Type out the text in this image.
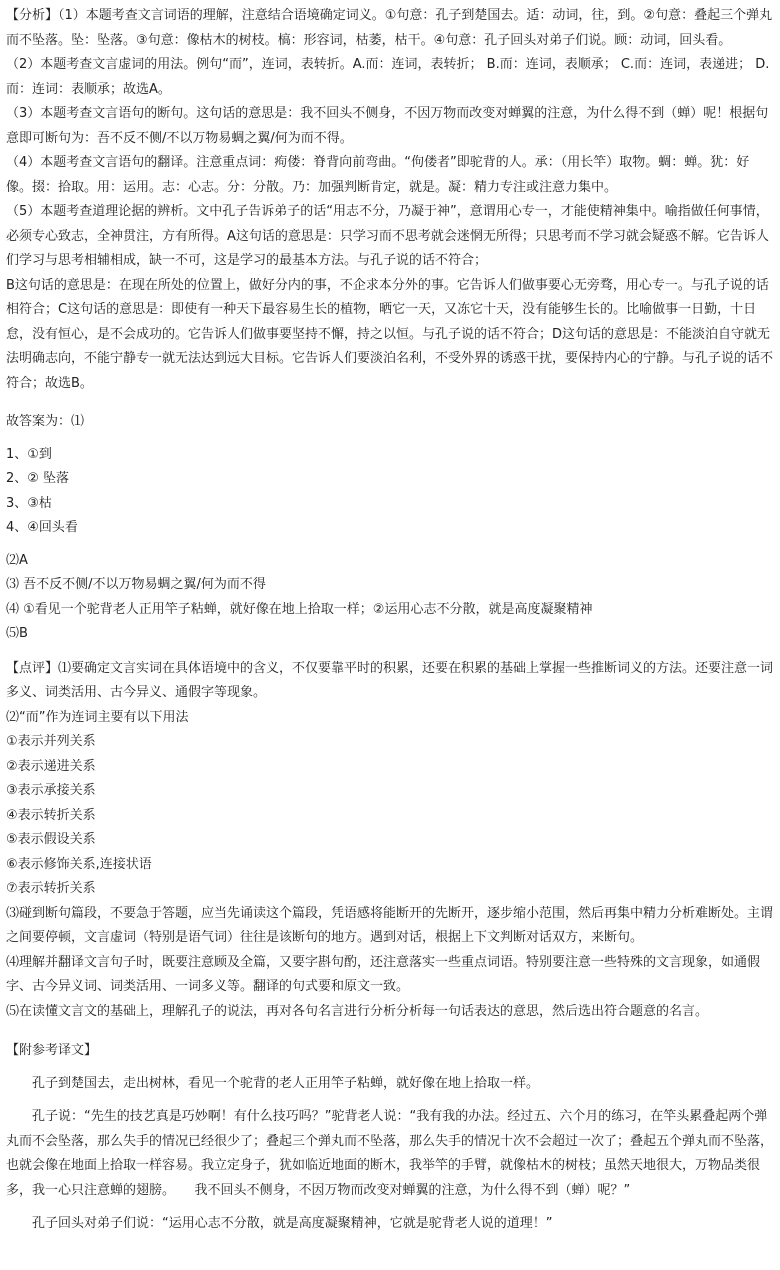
【分析】（1）本题考查文言词语的理解，注意结合语境确定词义。①句意：孔子到楚国去。适：动词，往，到。②句意：叠起三个弹丸而不坠落。坠：坠落。③句意：像枯木的树枝。槁：形容词，枯萎，枯干。④句意：孔子回头对弟子们说。顾：动词，回头看。

（2）本题考查文言虚词的用法。例句“而”，连词，表转折。A.而：连词，表转折； B.而：连词，表顺承； C.而：连词，表递进； D.而：连词：表顺承；故选A。

（3）本题考查文言语句的断句。这句话的意思是：我不回头不侧身，不因万物而改变对蝉翼的注意，为什么得不到（蝉）呢！根据句意即可断句为：吾不反不侧/不以万物易蜩之翼/何为而不得。

（4）本题考查文言语句的翻译。注意重点词：痀偻：脊背向前弯曲。“佝偻者”即驼背的人。承：（用长竿）取物。蜩：蝉。犹：好像。掇：拾取。用：运用。志：心志。分：分散。乃：加强判断肯定，就是。凝：精力专注或注意力集中。

（5）本题考查道理论据的辨析。文中孔子告诉弟子的话“用志不分，乃凝于神”，意谓用心专一，才能使精神集中。喻指做任何事情，必须专心致志，全神贯注，方有所得。A这句话的意思是：只学习而不思考就会迷惘无所得；只思考而不学习就会疑惑不解。它告诉人们学习与思考相辅相成，缺一不可，这是学习的最基本方法。与孔子说的话不符合；

B这句话的意思是：在现在所处的位置上，做好分内的事，不企求本分外的事。它告诉人们做事要心无旁骛，用心专一。与孔子说的话相符合；C这句话的意思是：即使有一种天下最容易生长的植物，晒它一天，又冻它十天，没有能够生长的。比喻做事一日勤，十日怠，没有恒心，是不会成功的。它告诉人们做事要坚持不懈，持之以恒。与孔子说的话不符合；D这句话的意思是：不能淡泊自守就无法明确志向，不能宁静专一就无法达到远大目标。它告诉人们要淡泊名利，不受外界的诱惑干扰，要保持内心的宁静。与孔子说的话不符合；故选B。

故答案为：⑴

1、①到

2、② 坠落

3、③枯

4、④回头看

⑵A

⑶ 吾不反不侧/不以万物易蜩之翼/何为而不得

⑷ ①看见一个驼背老人正用竿子粘蝉，就好像在地上拾取一样；②运用心志不分散，就是高度凝聚精神

⑸B

【点评】⑴要确定文言实词在具体语境中的含义，不仅要靠平时的积累，还要在积累的基础上掌握一些推断词义的方法。还要注意一词多义、词类活用、古今异义、通假字等现象。

⑵“而”作为连词主要有以下用法

①表示并列关系

②表示递进关系

③表示承接关系

④表示转折关系

⑤表示假设关系

⑥表示修饰关系,连接状语

⑦表示转折关系

⑶碰到断句篇段，不要急于答题，应当先诵读这个篇段，凭语感将能断开的先断开，逐步缩小范围，然后再集中精力分析难断处。主谓之间要停顿，文言虚词（特别是语气词）往往是该断句的地方。遇到对话，根据上下文判断对话双方，来断句。

⑷理解并翻译文言句子时，既要注意顾及全篇，又要字斟句酌，还注意落实一些重点词语。特别要注意一些特殊的文言现象，如通假字、古今异义词、词类活用、一词多义等。翻译的句式要和原文一致。

⑸在读懂文言文的基础上，理解孔子的说法，再对各句名言进行分析分析每一句话表达的意思，然后选出符合题意的名言。

【附参考译文】

孔子到楚国去，走出树林，看见一个驼背的老人正用竿子粘蝉，就好像在地上拾取一样。

孔子说：“先生的技艺真是巧妙啊！有什么技巧吗？”驼背老人说：“我有我的办法。经过五、六个月的练习，在竿头累叠起两个弹丸而不会坠落，那么失手的情况已经很少了；叠起三个弹丸而不坠落，那么失手的情况十次不会超过一次了；叠起五个弹丸而不坠落，也就会像在地面上拾取一样容易。我立定身子，犹如临近地面的断木，我举竿的手臂，就像枯木的树枝；虽然天地很大，万物品类很多，我一心只注意蝉的翅膀。　　我不回头不侧身，不因万物而改变对蝉翼的注意，为什么得不到（蝉）呢？”

孔子回头对弟子们说：“运用心志不分散，就是高度凝聚精神，它就是驼背老人说的道理！”
